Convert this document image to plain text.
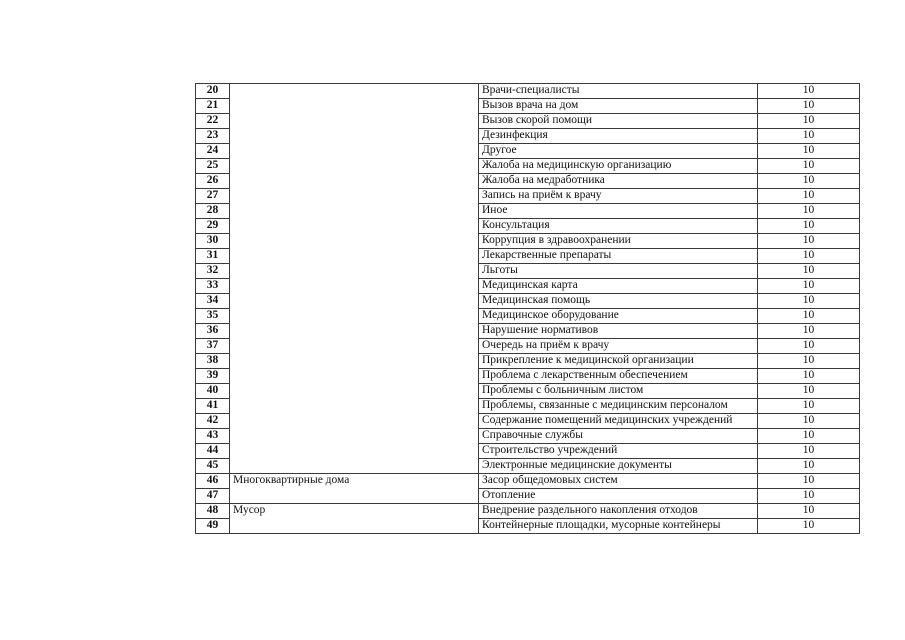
20		Врачи-специалисты	10
21		Вызов врача на дом	10
22		Вызов скорой помощи	10
23		Дезинфекция	10
24		Другое	10
25		Жалоба на медицинскую организацию	10
26		Жалоба на медработника	10
27		Запись на приём к врачу	10
28		Иное	10
29		Консультация	10
30		Коррупция в здравоохранении	10
31		Лекарственные препараты	10
32		Льготы	10
33		Медицинская карта	10
34		Медицинская помощь	10
35		Медицинское оборудование	10
36		Нарушение нормативов	10
37		Очередь на приём к врачу	10
38		Прикрепление к медицинской организации	10
39		Проблема с лекарственным обеспечением	10
40		Проблемы с больничным листом	10
41		Проблемы, связанные с медицинским персоналом	10
42		Содержание помещений медицинских учреждений	10
43		Справочные службы	10
44		Строительство учреждений	10
45		Электронные медицинские документы	10
46	Многоквартирные дома	Засор общедомовых систем	10
47		Отопление	10
48	Мусор	Внедрение раздельного накопления отходов	10
49		Контейнерные площадки, мусорные контейнеры	10
